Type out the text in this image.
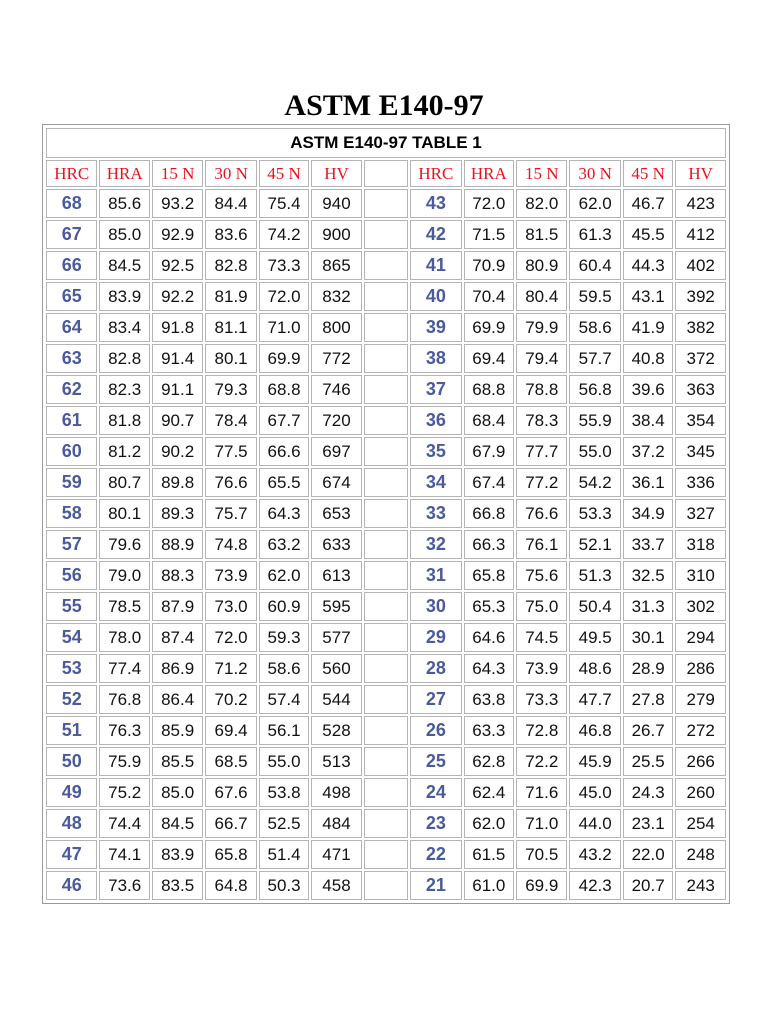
ASTM E140-97
ASTM E140-97 TABLE 1												
HRC	HRA	15 N	30 N	45 N	HV		HRC	HRA	15 N	30 N	45 N	HV
68	85.6	93.2	84.4	75.4	940		43	72.0	82.0	62.0	46.7	423
67	85.0	92.9	83.6	74.2	900		42	71.5	81.5	61.3	45.5	412
66	84.5	92.5	82.8	73.3	865		41	70.9	80.9	60.4	44.3	402
65	83.9	92.2	81.9	72.0	832		40	70.4	80.4	59.5	43.1	392
64	83.4	91.8	81.1	71.0	800		39	69.9	79.9	58.6	41.9	382
63	82.8	91.4	80.1	69.9	772		38	69.4	79.4	57.7	40.8	372
62	82.3	91.1	79.3	68.8	746		37	68.8	78.8	56.8	39.6	363
61	81.8	90.7	78.4	67.7	720		36	68.4	78.3	55.9	38.4	354
60	81.2	90.2	77.5	66.6	697		35	67.9	77.7	55.0	37.2	345
59	80.7	89.8	76.6	65.5	674		34	67.4	77.2	54.2	36.1	336
58	80.1	89.3	75.7	64.3	653		33	66.8	76.6	53.3	34.9	327
57	79.6	88.9	74.8	63.2	633		32	66.3	76.1	52.1	33.7	318
56	79.0	88.3	73.9	62.0	613		31	65.8	75.6	51.3	32.5	310
55	78.5	87.9	73.0	60.9	595		30	65.3	75.0	50.4	31.3	302
54	78.0	87.4	72.0	59.3	577		29	64.6	74.5	49.5	30.1	294
53	77.4	86.9	71.2	58.6	560		28	64.3	73.9	48.6	28.9	286
52	76.8	86.4	70.2	57.4	544		27	63.8	73.3	47.7	27.8	279
51	76.3	85.9	69.4	56.1	528		26	63.3	72.8	46.8	26.7	272
50	75.9	85.5	68.5	55.0	513		25	62.8	72.2	45.9	25.5	266
49	75.2	85.0	67.6	53.8	498		24	62.4	71.6	45.0	24.3	260
48	74.4	84.5	66.7	52.5	484		23	62.0	71.0	44.0	23.1	254
47	74.1	83.9	65.8	51.4	471		22	61.5	70.5	43.2	22.0	248
46	73.6	83.5	64.8	50.3	458		21	61.0	69.9	42.3	20.7	243
